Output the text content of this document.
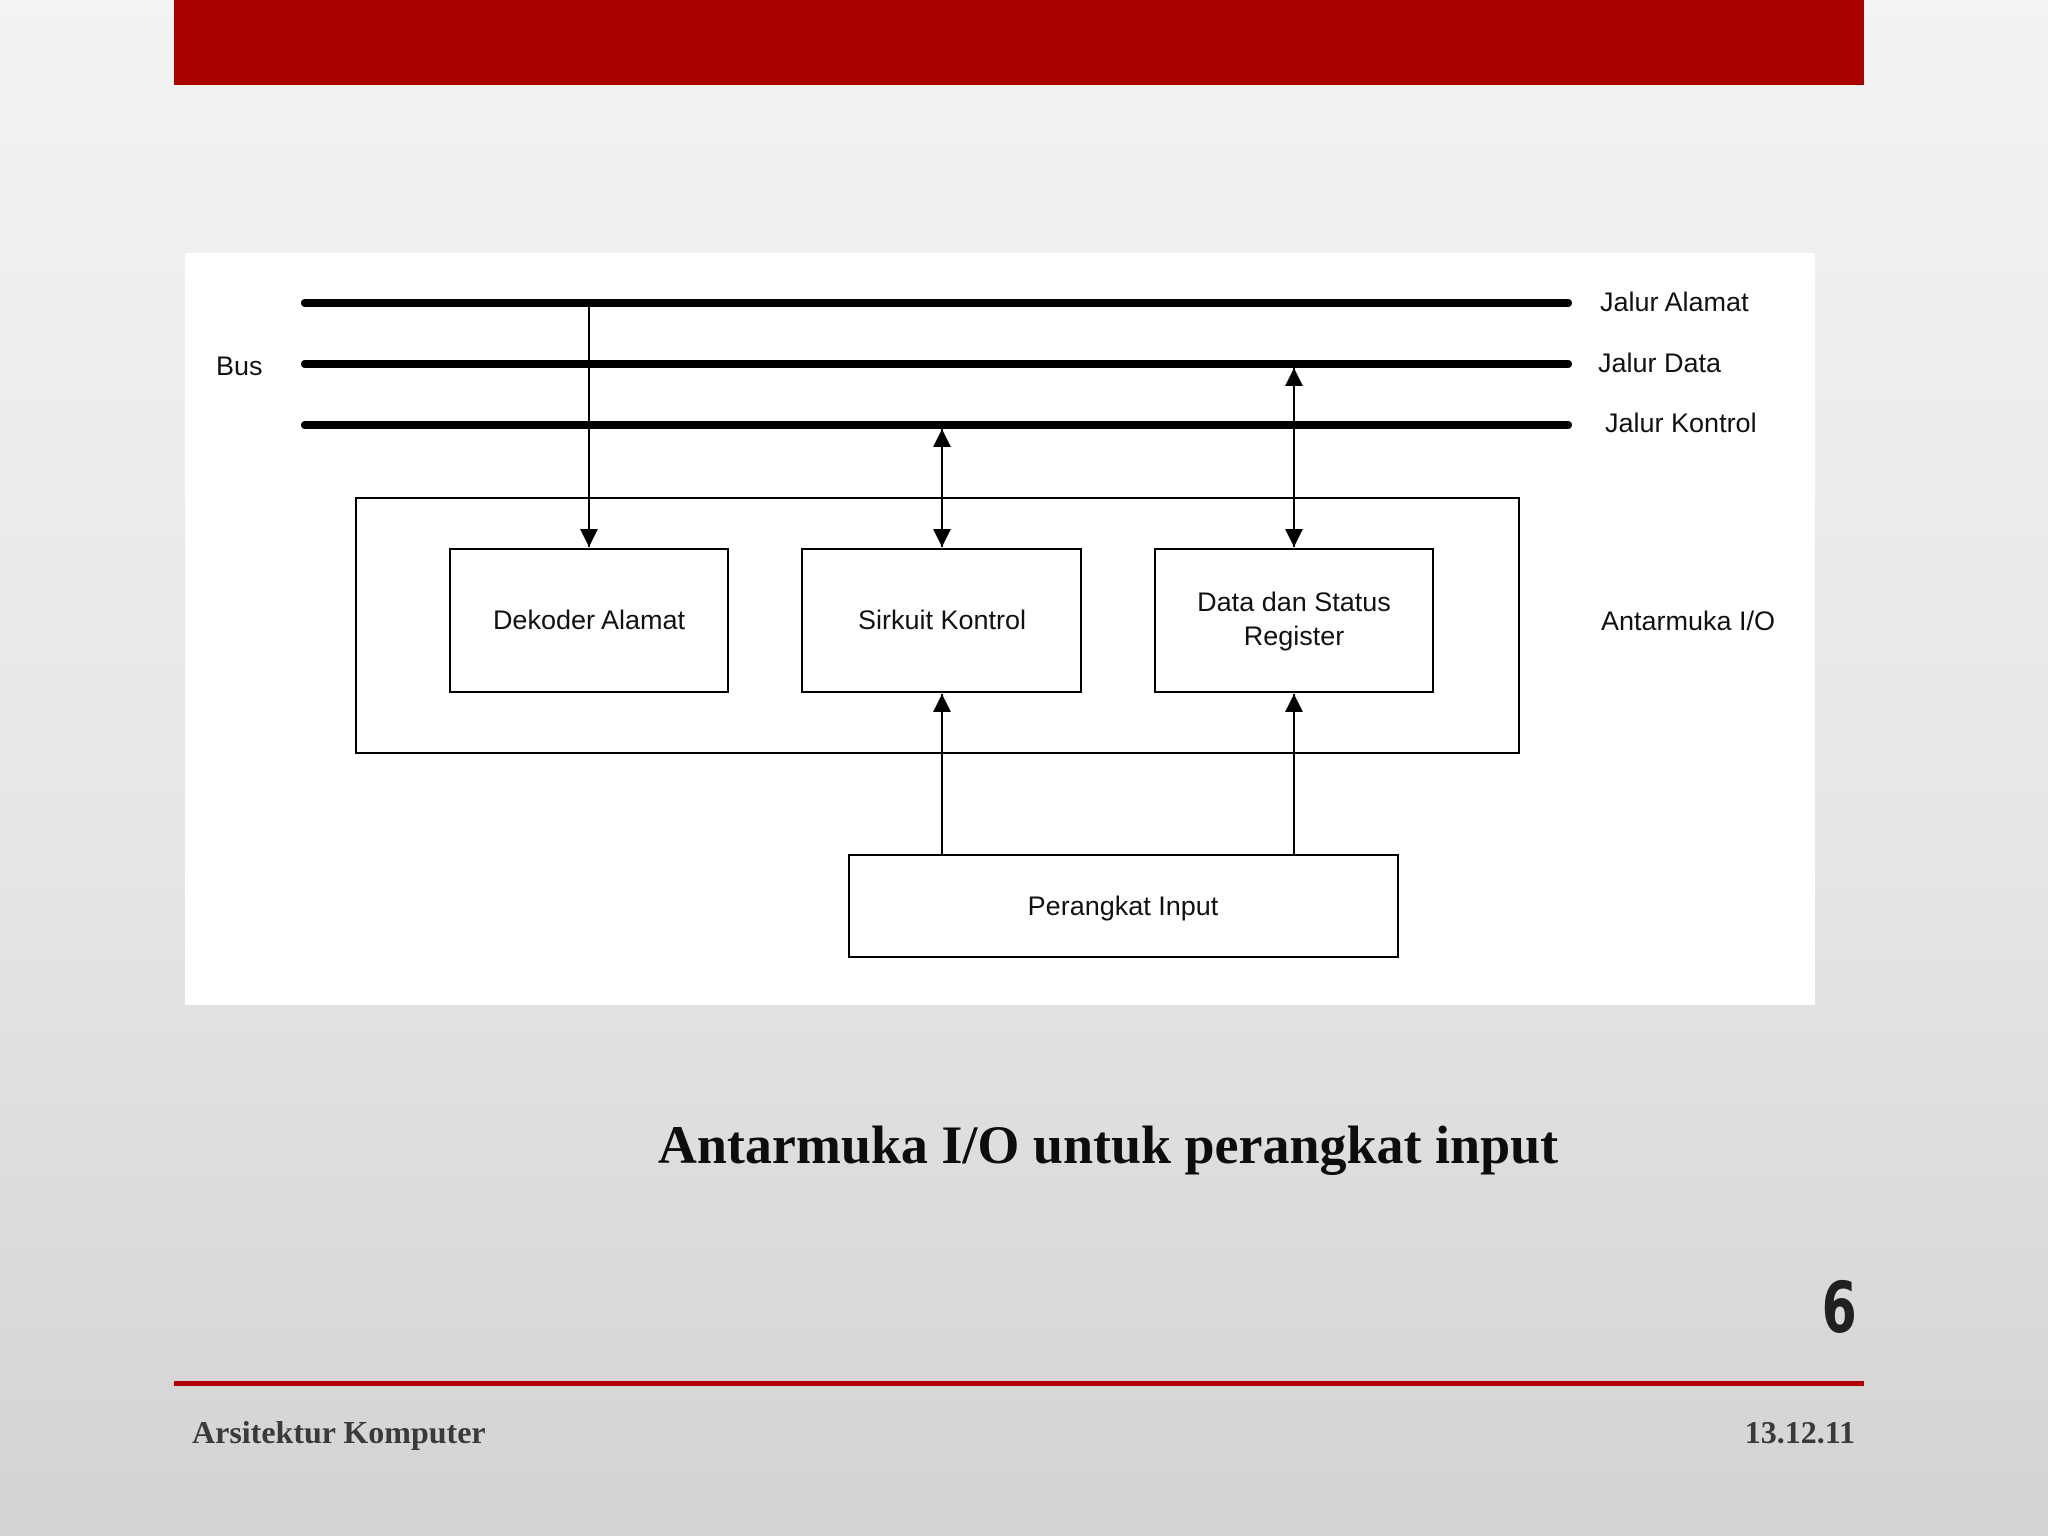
Bus
Jalur Alamat
Jalur Data
Jalur Kontrol
Antarmuka I/O
Dekoder Alamat	Sirkuit Kontrol
Data dan Status
Register
Perangkat Input
Antarmuka I/O untuk perangkat input
6
Arsitektur Komputer	13.12.11
